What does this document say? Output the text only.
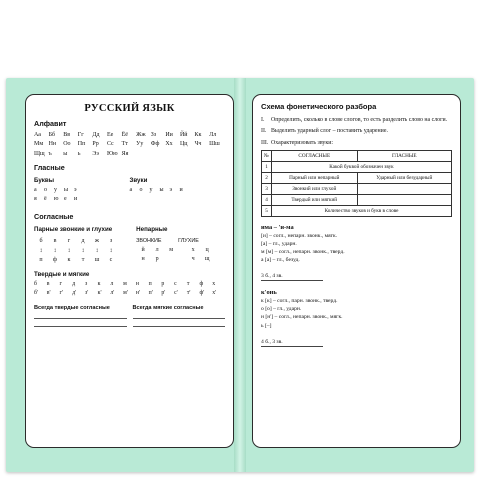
РУССКИЙ ЯЗЫК
Алфавит
Аа	Бб	Вв	Гг	Дд	Ее	Ёё	Жж Зз	Ии	Йй	Кк	Лл
Мм Нн	Оо	Пп	Рр	Сс	Тт	Уу	Фф Хх	Цц	Чч	Шш
Щщ ъ	ы	ь	Ээ	Юю Яя
Гласные
Буквы
а	о	у	ы э
я	ё	ю е	и
Звуки
а	о	у	ы э	и
Согласные
Парные звонкие и глухие
б	в	г	д	ж	з
↕	↕	↕	↕	↕	↕
п	ф	к	т	ш	с
Непарные
ЗВОНКИЕ	ГЛУХИЕ
й	л	м	х	ц
н	р	ч	щ
Твердые и мягкие
б	в	г	д	з	к	л	м	н	п	р	с	т	ф	х
б'	в'	г'	д'	з'	к'	л'	м'	н'	п'	р'	с'	т'	ф'	х'
Всегда твердые согласные	Всегда мягкие согласные
Схема фонетического разбора
I.	Определить, сколько в слове слогов, то есть разделить слово на слоги.
II. Выделить ударный слог – поставить ударение.
III. Охарактеризовать звуки:
№	СОГЛАСНЫЕ	ГЛАСНЫЕ
1	Какой буквой обозначен звук	
2	Парный или непарный	Ударный или безударный
3	Звонкий или глухой	
4	Твердый или мягкий	
5	Количество звуков и букв в слове	
има – 'и-ма
[и] – согл., непарн. звонк., мягк.
[а] – гл., ударн.
м [м] – согл., непарн. звонк., тверд.
а [а] – гл., безуд.
3 б., 4 зв.
к'онь
к [к] – согл., парн. звонк., тверд.
о [о] – гл., ударн.
н [н'] – согл., непарн. звонк., мягк.
ь [–]
4 б., 3 зв.
